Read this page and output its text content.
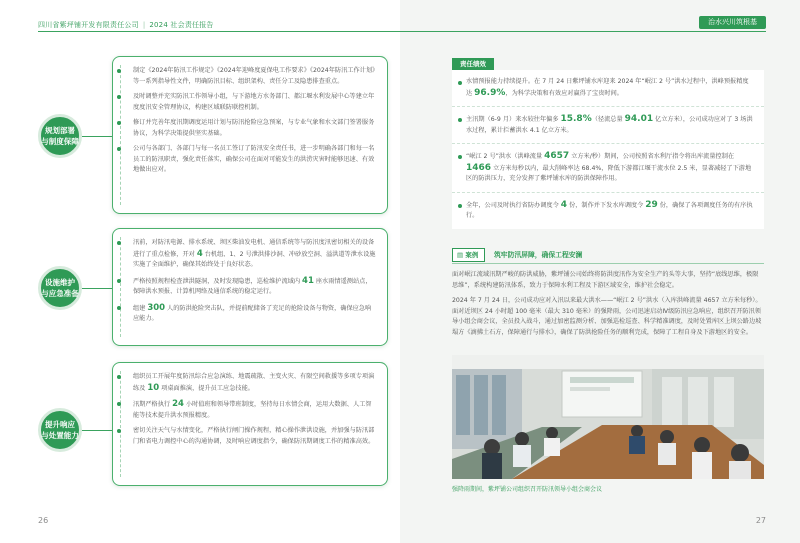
四川省紫坪铺开发有限责任公司 | 2024 社会责任报告
规划部署
与制度保障
制定《2024年防汛工作规定》《2024年迎峰度夏保电工作要求》《2024年防汛工作计划》等一系列指导性文件，明确防汛目标、组织架构、责任分工及隐患排查重点。
及时调整并充实防汛工作领导小组，与下游地方水务部门、都江堰水利发展中心等建立年度度汛安全管理协议，构建区域联防联控机制。
修订并完善年度汛期调度运用计划与防汛抢险应急预案，与专业气象和水文部门签署服务协议，为科学决策提供坚实基础。
公司与各部门、各部门与每一名员工签订了防汛安全责任书，进一步明确各部门和每一名员工的防汛职责，强化责任落实，确保公司在面对可能发生的洪涝灾害时能够迅速、有效地做出应对。
设施维护
与应急准备
汛前，对防汛电源、排水系统、坝区柴油发电机、通信系统等与防汛度汛密切相关的设备进行了重点检修，开对 4 台机组、1、2 号泄洪排沙洞、冲砂放空洞、溢洪道等泄水设施实施了全面维护，确保其始终处于良好状态。
严格按照规程检查泄洪隧洞，及时发现隐患，巡检维护流域内 41 座水雨情遥测站点，保障洪水预报、计算机网络及通信系统的稳定运行。
组建 300 人的防洪抢险突击队，并提前配储备了充足的抢险设备与物资，确保应急响应能力。
提升响应
与处置能力
组织员工开展年度防汛综合应急演练、地震疏散、主变火灾、有限空间救援等多项专项演练及 10 项桌面推演，提升员工应急技能。
汛期严格执行 24 小时值班和领导带班制度，坚持每日水情会商，运用大数据、人工智能等技术提升洪水预报精度。
密切关注天气与水情变化，严格执行闸门操作规程，精心操作泄洪设施，并加强与防汛部门和省电力调控中心的沟通协调，及时响应调度指令，确保防汛期调度工作的精准高效。
26
治水兴川筑根基
责任绩效
水情预报能力持续提升。在 7 月 24 日紫坪铺水库迎来 2024 年“岷江 2 号”洪水过程中，洪峰预报精度达 96.9%，为科学决策和有效应对赢得了宝贵时间。
主汛期（6-9 月）来水较往年偏多 15.8%（径流总量 94.01 亿立方米），公司成功应对了 3 场洪水过程，累计拦蓄洪水 4.1 亿立方米。
“岷江 2 号”洪水（洪峰流量 4657 立方米/秒）期间，公司按照省水利厅指令将出库流量控制在 1466 立方米每秒以内，最大削峰率达 68.4%，降低下游都江堰干流水位 2.5 米，显著减轻了下游地区的防洪压力，充分发挥了紫坪铺水库的防洪保障作用。
全年，公司及时执行省防办调度令 4 份，制作并下发水库调度令 29 份，确保了各项调度任务的有序执行。
▤ 案例	筑牢防汛屏障，确保工程安澜

面对岷江流域汛期严峻的防洪威胁，紫坪铺公司始终将防洪度汛作为安全生产的头等大事，坚持“底线思维，极限思维”，系统构建防汛体系，致力于保障水利工程及下游区域安全，维护社会稳定。

2024 年 7 月 24 日，公司成功应对入汛以来最大洪水——“岷江 2 号”洪水（入库洪峰流量 4657 立方米每秒）。面对近坝区 24 小时超 100 毫米（最大 310 毫米）的强降雨，公司迅速启动Ⅳ级防汛应急响应，组织召开防汛领导小组会商会议，全员投入战斗，通过加密监测分析、加强巡检巡查、科学精准调度，及时处置库区上坝公路边坡塌方《滴拂土石方，保障通行与排水》，确保了防洪抢险任务的顺利完成，保障了工程自身及下游地区的安全。

强降雨期间，紫坪铺公司组织召开防汛领导小组会商会议
27
